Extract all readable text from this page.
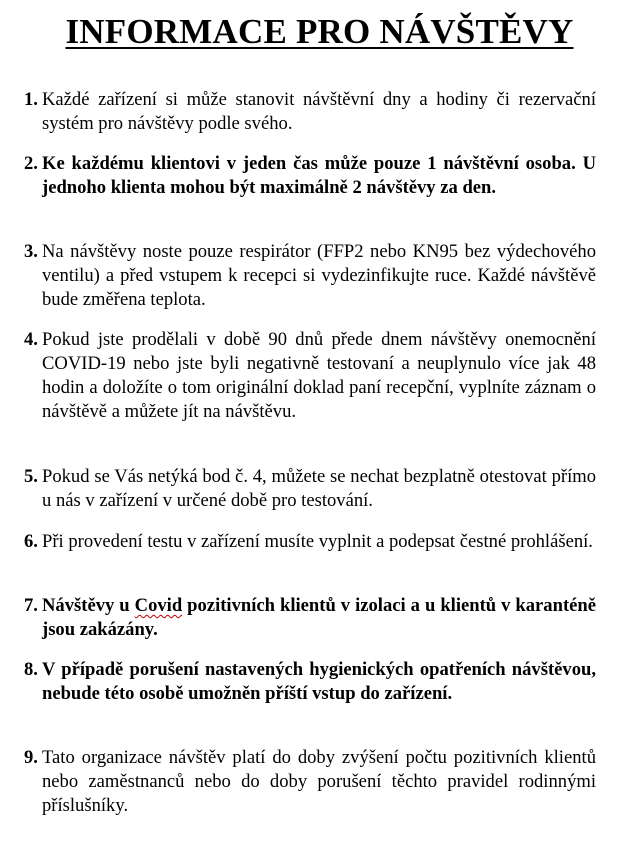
INFORMACE PRO NÁVŠTĚVY
1. Každé zařízení si může stanovit návštěvní dny a hodiny či rezervační systém pro návštěvy podle svého.
2. Ke každému klientovi v jeden čas může pouze 1 návštěvní osoba. U jednoho klienta mohou být maximálně 2 návštěvy za den.
3. Na návštěvy noste pouze respirátor (FFP2 nebo KN95 bez výdechového ventilu) a před vstupem k recepci si vydezinfikujte ruce. Každé návštěvě bude změřena teplota.
4. Pokud jste prodělali v době 90 dnů přede dnem návštěvy onemocnění COVID-19 nebo jste byli negativně testovaní a neuplynulo více jak 48 hodin a doložíte o tom originální doklad paní recepční, vyplníte záznam o návštěvě a můžete jít na návštěvu.
5. Pokud se Vás netýká bod č. 4, můžete se nechat bezplatně otestovat přímo u nás v zařízení v určené době pro testování.
6. Při provedení testu v zařízení musíte vyplnit a podepsat čestné prohlášení.
7. Návštěvy u Covid pozitivních klientů v izolaci a u klientů v karanténě jsou zakázány.
8. V případě porušení nastavených hygienických opatřeních návštěvou, nebude této osobě umožněn příští vstup do zařízení.
9. Tato organizace návštěv platí do doby zvýšení počtu pozitivních klientů nebo zaměstnanců nebo do doby porušení těchto pravidel rodinnými příslušníky.
